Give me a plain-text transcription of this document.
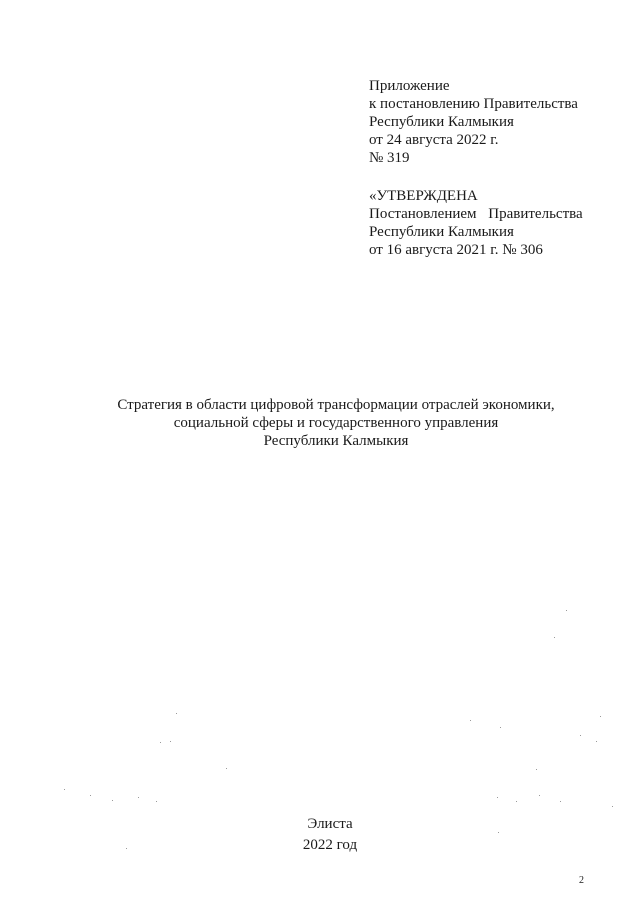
Приложение
к постановлению Правительства
Республики Калмыкия
от 24 августа 2022 г.
№ 319
«УТВЕРЖДЕНА
Постановлением Правительства
Республики Калмыкия
от 16 августа 2021 г. № 306
Стратегия в области цифровой трансформации отраслей экономики,
социальной сферы и государственного управления
Республики Калмыкия
Элиста
2022 год
2
